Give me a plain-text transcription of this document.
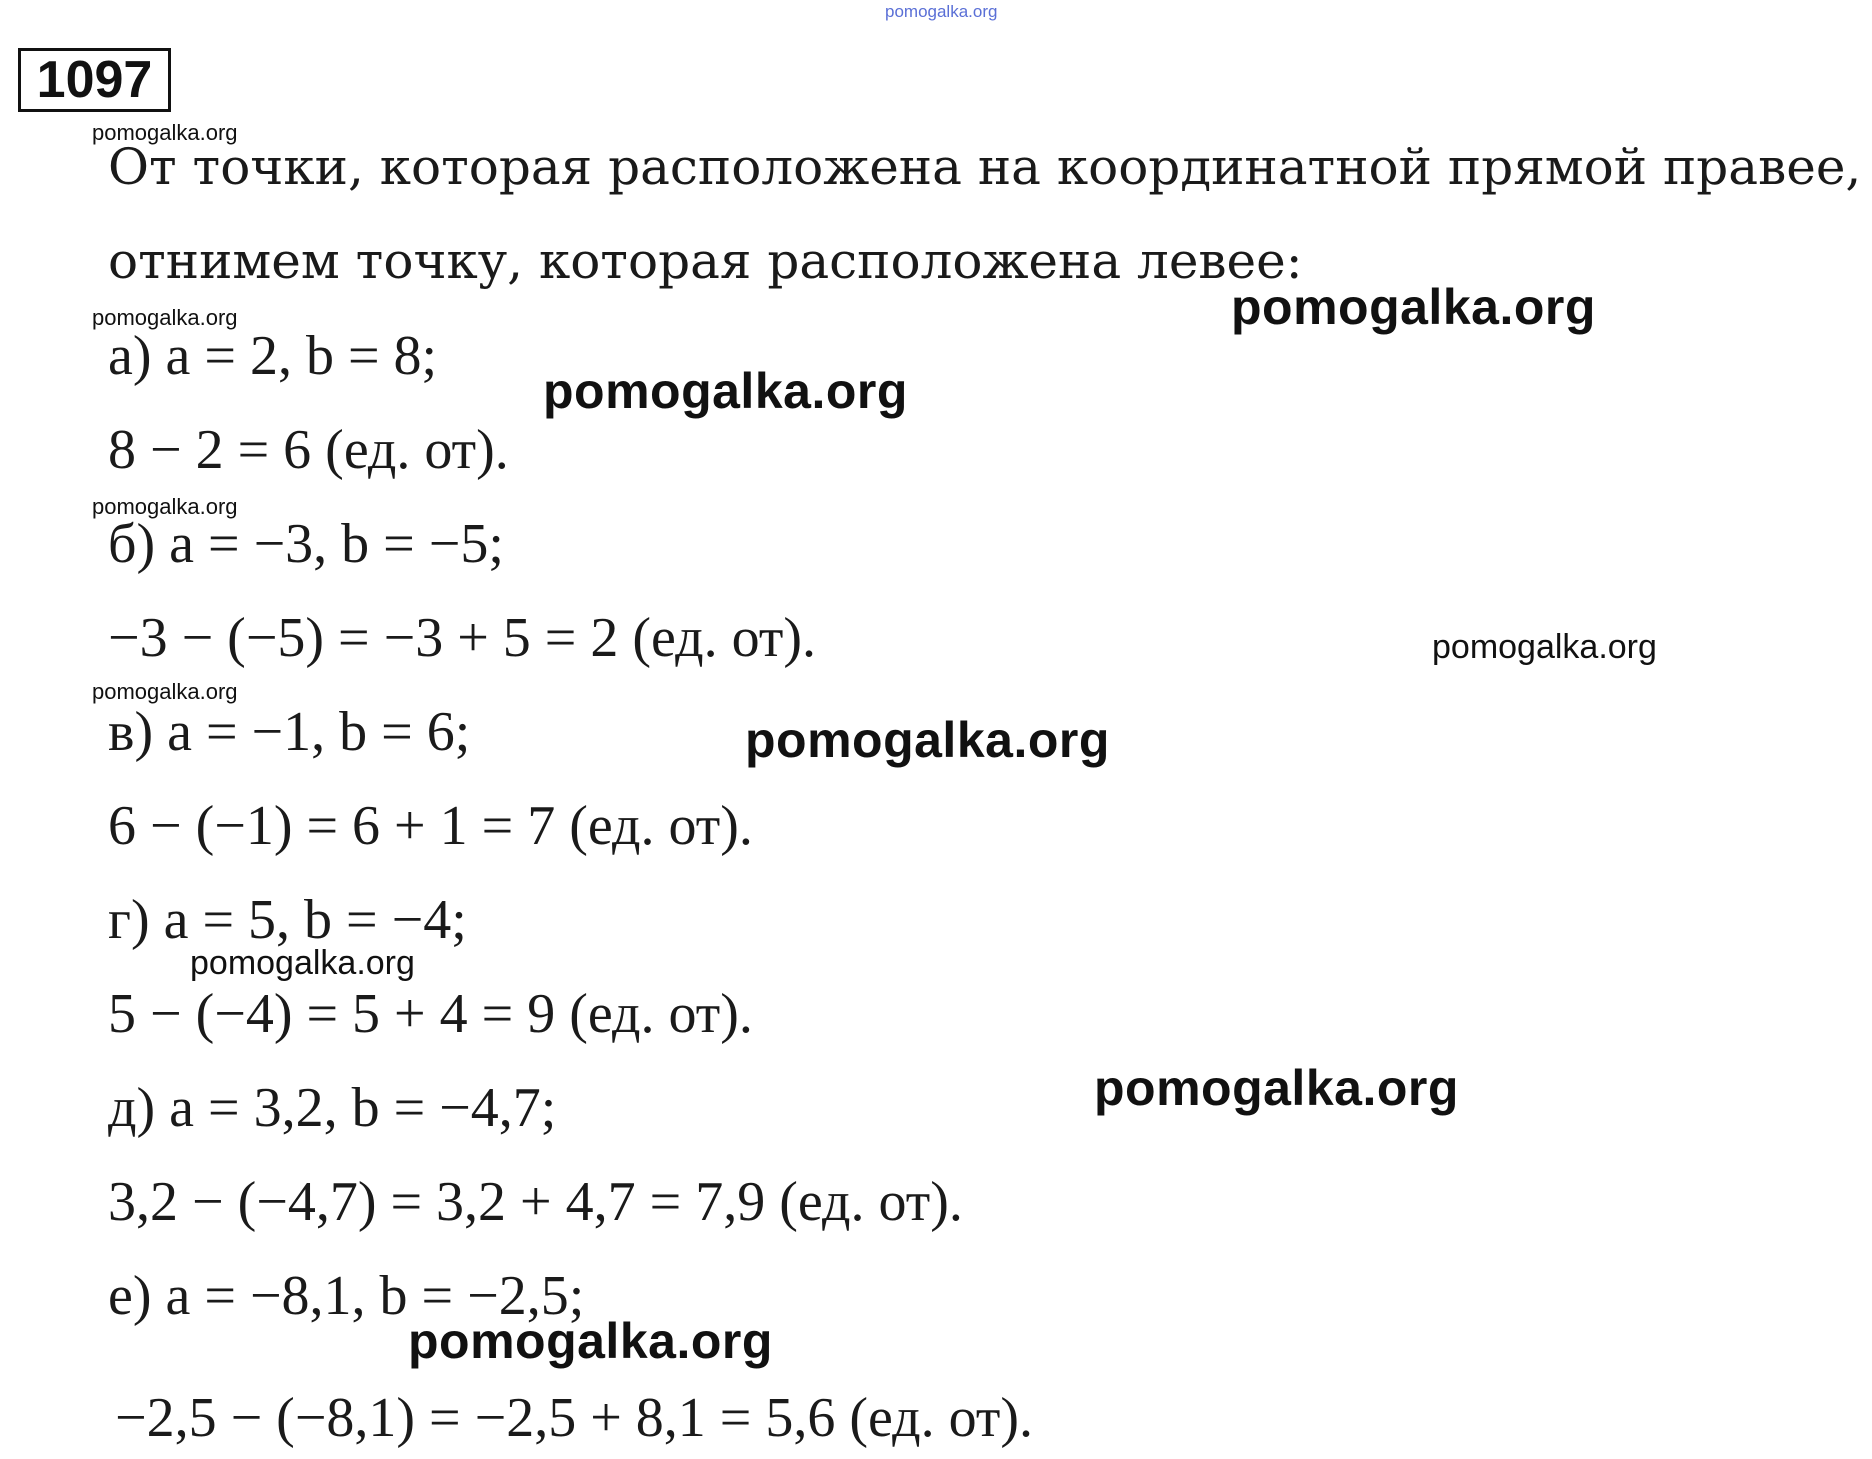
pomogalka.org
1097
pomogalka.org
pomogalka.org
pomogalka.org
pomogalka.org
pomogalka.org
pomogalka.org
pomogalka.org
pomogalka.org
pomogalka.org
pomogalka.org
pomogalka.org
От точки, которая расположена на координатной прямой правее,
отнимем точку, которая расположена левее:
а) a = 2, b = 8;
8 − 2 = 6 (ед. от).
б) a = −3, b = −5;
−3 − (−5) = −3 + 5 = 2 (ед. от).
в) a = −1, b = 6;
6 − (−1) = 6 + 1 = 7 (ед. от).
г) a = 5, b = −4;
5 − (−4) = 5 + 4 = 9 (ед. от).
д) a = 3,2, b = −4,7;
3,2 − (−4,7) = 3,2 + 4,7 = 7,9 (ед. от).
е) a = −8,1, b = −2,5;
−2,5 − (−8,1) = −2,5 + 8,1 = 5,6 (ед. от).
